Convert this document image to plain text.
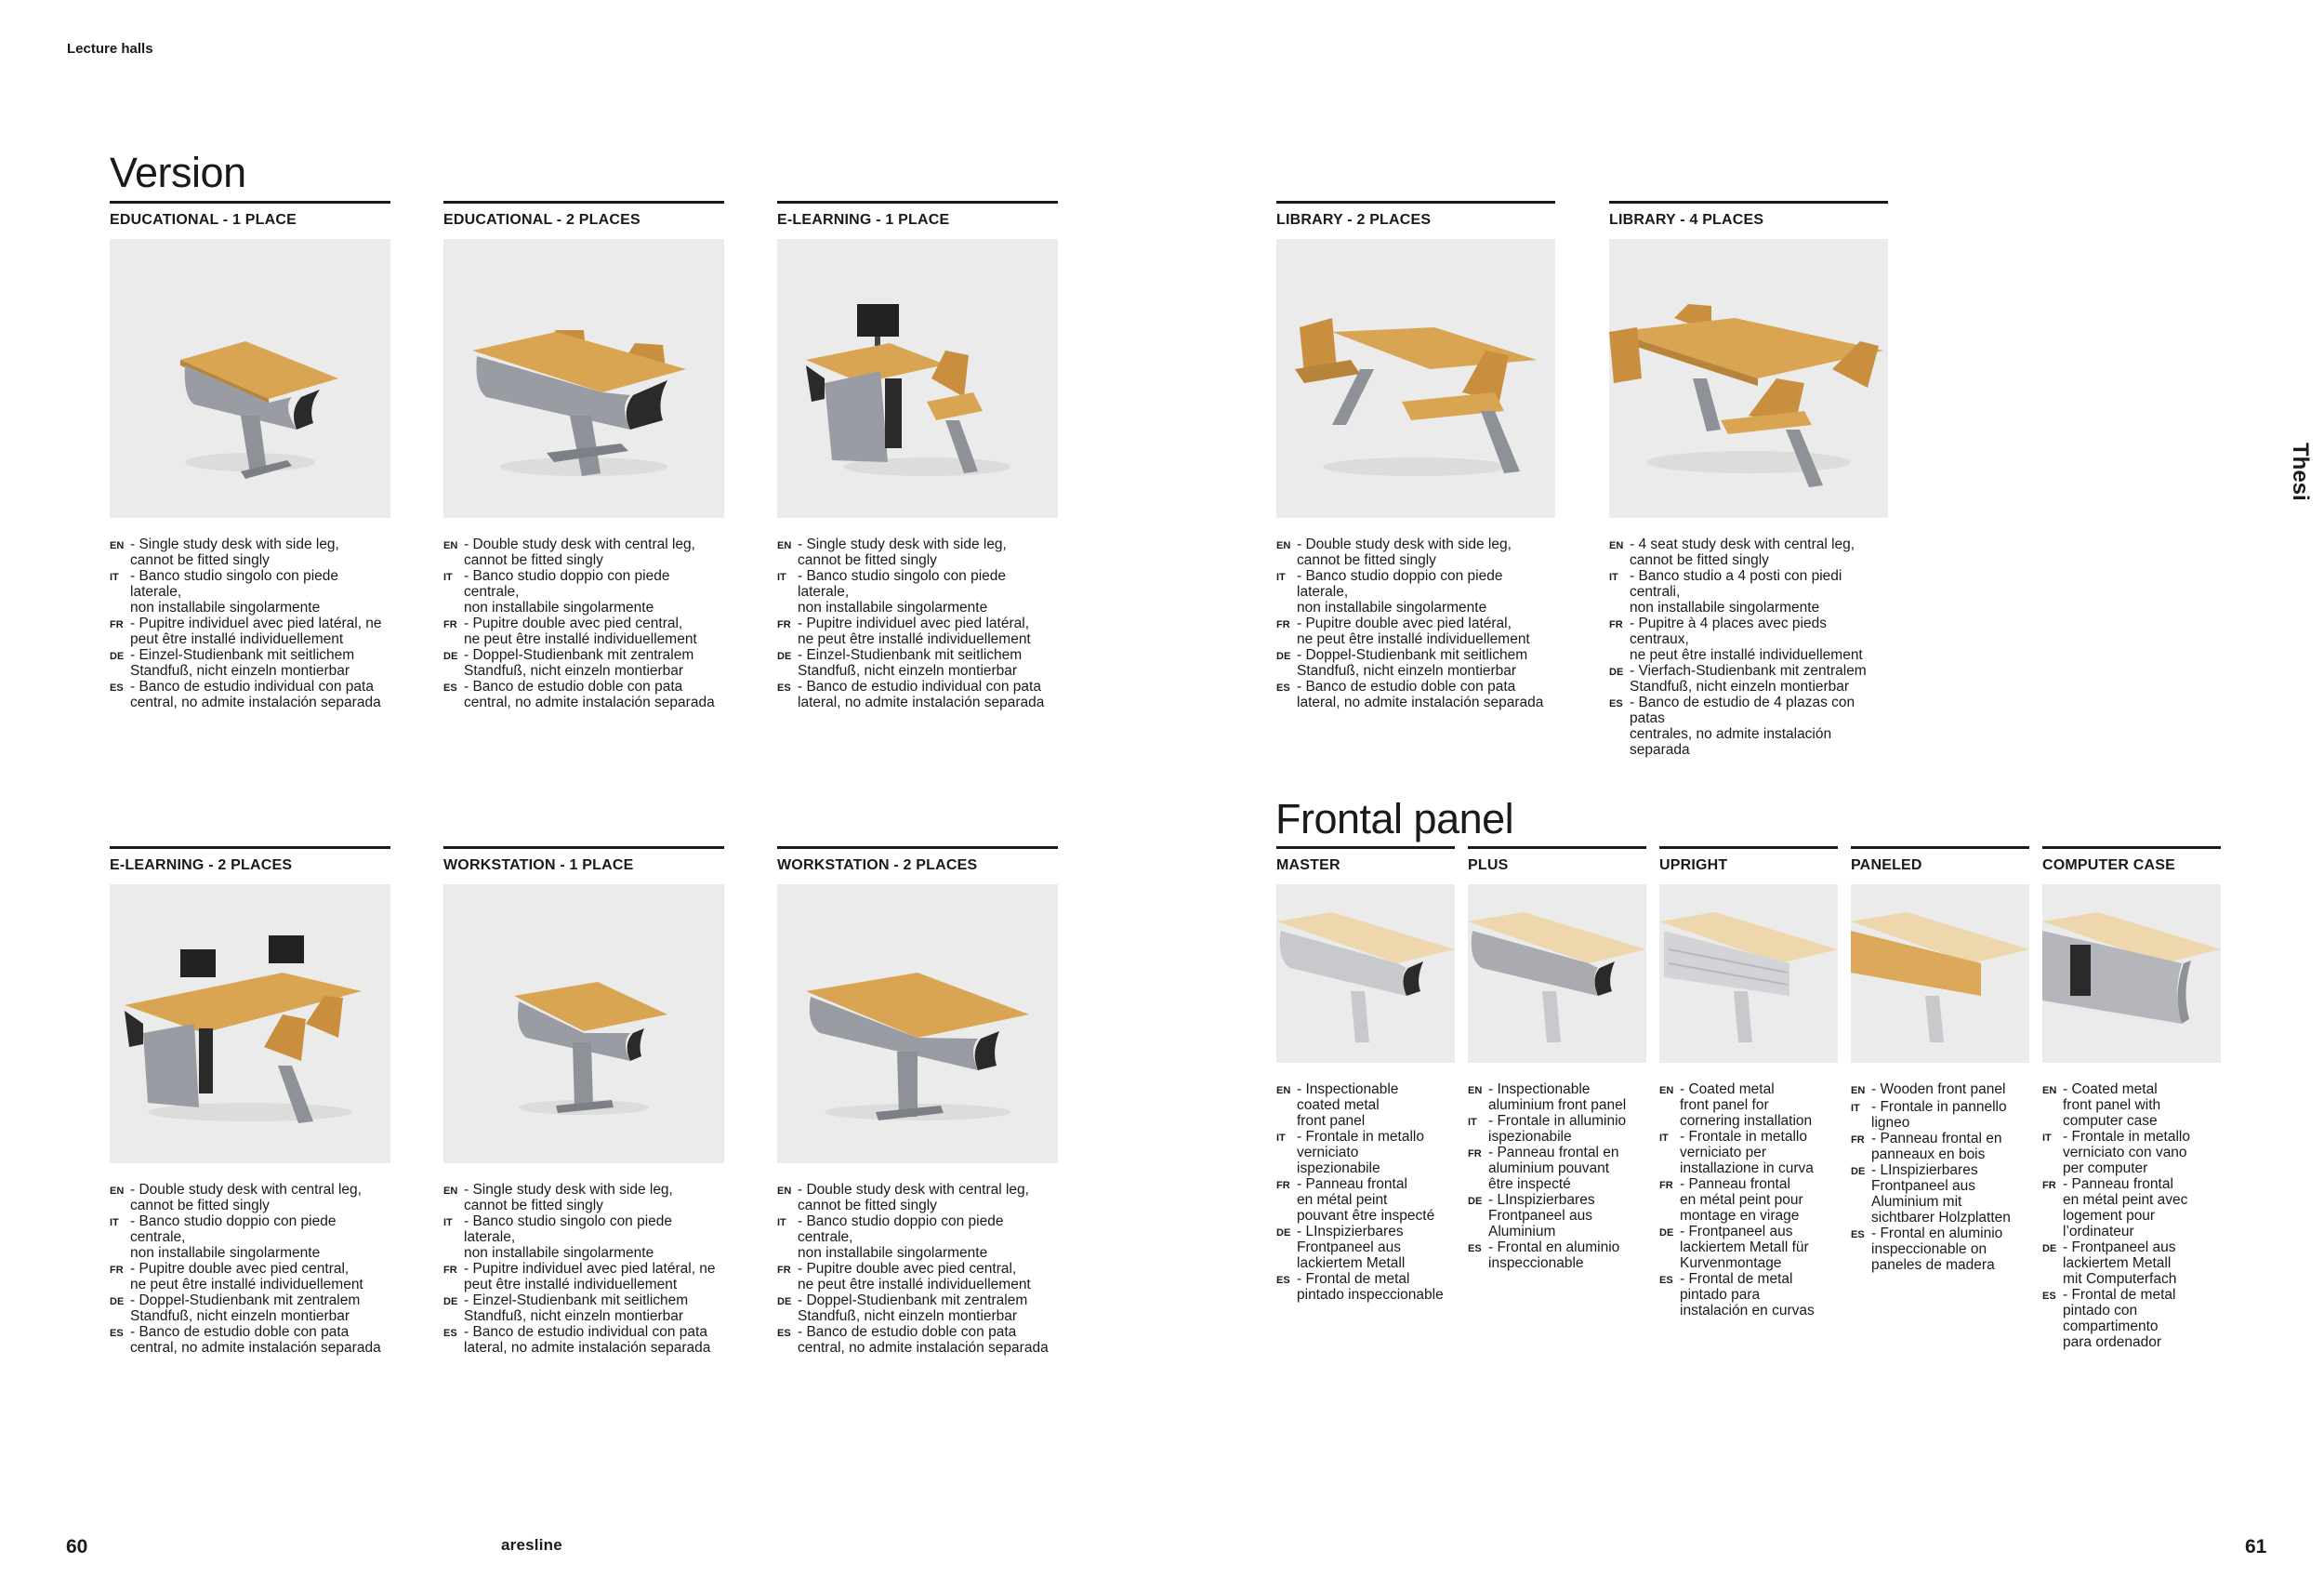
Lecture halls
Thesi
60	aresline	61
Version
Frontal panel
EDUCATIONAL - 1 PLACE
EN - Single study desk with side leg,
cannot be fitted singly
IT - Banco studio singolo con piede laterale,
non installabile singolarmente
FR - Pupitre individuel avec pied latéral, ne
peut être installé individuellement
DE - Einzel-Studienbank mit seitlichem
Standfuß, nicht einzeln montierbar
ES - Banco de estudio individual con pata
central, no admite instalación separada
EDUCATIONAL - 2 PLACES
EN - Double study desk with central leg,
cannot be fitted singly
IT - Banco studio doppio con piede centrale,
non installabile singolarmente
FR - Pupitre double avec pied central,
ne peut être installé individuellement
DE - Doppel-Studienbank mit zentralem
Standfuß, nicht einzeln montierbar
ES - Banco de estudio doble con pata
central, no admite instalación separada
E-LEARNING - 1 PLACE
EN - Single study desk with side leg,
cannot be fitted singly
IT - Banco studio singolo con piede laterale,
non installabile singolarmente
FR - Pupitre individuel avec pied latéral,
ne peut être installé individuellement
DE - Einzel-Studienbank mit seitlichem
Standfuß, nicht einzeln montierbar
ES - Banco de estudio individual con pata
lateral, no admite instalación separada
LIBRARY - 2 PLACES
EN - Double study desk with side leg,
cannot be fitted singly
IT - Banco studio doppio con piede laterale,
non installabile singolarmente
FR - Pupitre double avec pied latéral,
ne peut être installé individuellement
DE - Doppel-Studienbank mit seitlichem
Standfuß, nicht einzeln montierbar
ES - Banco de estudio doble con pata
lateral, no admite instalación separada
LIBRARY - 4 PLACES
EN - 4 seat study desk with central leg,
cannot be fitted singly
IT - Banco studio a 4 posti con piedi centrali,
non installabile singolarmente
FR - Pupitre à 4 places avec pieds centraux,
ne peut être installé individuellement
DE - Vierfach-Studienbank mit zentralem
Standfuß, nicht einzeln montierbar
ES - Banco de estudio de 4 plazas con patas
centrales, no admite instalación separada
E-LEARNING - 2 PLACES
EN - Double study desk with central leg,
cannot be fitted singly
IT - Banco studio doppio con piede centrale,
non installabile singolarmente
FR - Pupitre double avec pied central,
ne peut être installé individuellement
DE - Doppel-Studienbank mit zentralem
Standfuß, nicht einzeln montierbar
ES - Banco de estudio doble con pata
central, no admite instalación separada
WORKSTATION - 1 PLACE
EN - Single study desk with side leg,
cannot be fitted singly
IT - Banco studio singolo con piede laterale,
non installabile singolarmente
FR - Pupitre individuel avec pied latéral, ne
peut être installé individuellement
DE - Einzel-Studienbank mit seitlichem
Standfuß, nicht einzeln montierbar
ES - Banco de estudio individual con pata
lateral, no admite instalación separada
WORKSTATION - 2 PLACES
EN - Double study desk with central leg,
cannot be fitted singly
IT - Banco studio doppio con piede centrale,
non installabile singolarmente
FR - Pupitre double avec pied central,
ne peut être installé individuellement
DE - Doppel-Studienbank mit zentralem
Standfuß, nicht einzeln montierbar
ES - Banco de estudio doble con pata
central, no admite instalación separada
MASTER
EN - Inspectionable
coated metal
front panel
IT - Frontale in metallo
verniciato
ispezionabile
FR - Panneau frontal
en métal peint
pouvant être inspecté
DE - LInspizierbares
Frontpaneel aus
lackiertem Metall
ES - Frontal de metal
pintado inspeccionable
PLUS
EN - Inspectionable
aluminium front panel
IT - Frontale in alluminio
ispezionabile
FR - Panneau frontal en
aluminium pouvant
être inspecté
DE - LInspizierbares
Frontpaneel aus
Aluminium
ES - Frontal en aluminio
inspeccionable
UPRIGHT
EN - Coated metal
front panel for
cornering installation
IT - Frontale in metallo
verniciato per
installazione in curva
FR - Panneau frontal
en métal peint pour
montage en virage
DE - Frontpaneel aus
lackiertem Metall für
Kurvenmontage
ES - Frontal de metal
pintado para
instalación en curvas
PANELED
EN - Wooden front panel
IT - Frontale in pannello
ligneo
FR - Panneau frontal en
panneaux en bois
DE - LInspizierbares
Frontpaneel aus
Aluminium mit
sichtbarer Holzplatten
ES - Frontal en aluminio
inspeccionable on
paneles de madera
COMPUTER CASE
EN - Coated metal
front panel with
computer case
IT - Frontale in metallo
verniciato con vano
per computer
FR - Panneau frontal
en métal peint avec
logement pour
l’ordinateur
DE - Frontpaneel aus
lackiertem Metall
mit Computerfach
ES - Frontal de metal
pintado con
compartimento
para ordenador
